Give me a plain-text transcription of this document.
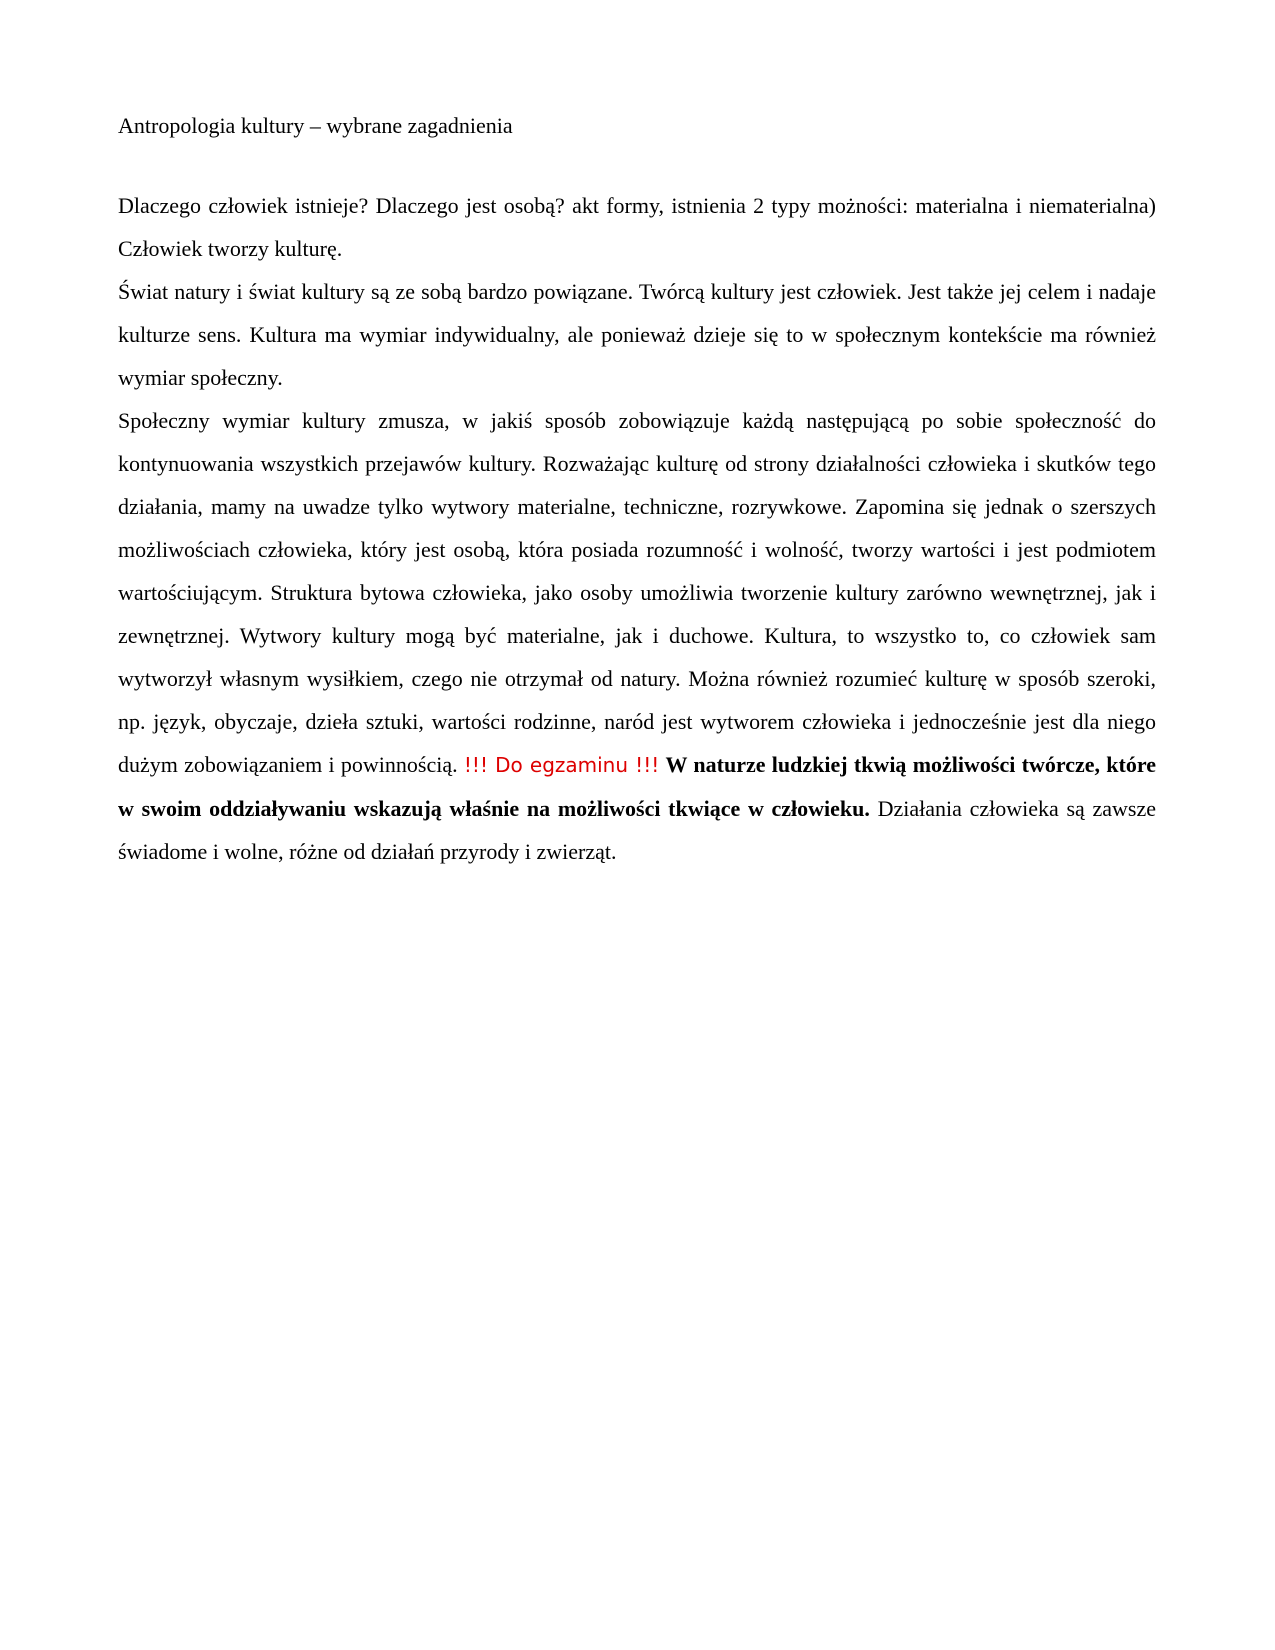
Antropologia kultury – wybrane zagadnienia

Dlaczego człowiek istnieje? Dlaczego jest osobą? akt formy, istnienia 2 typy możności: materialna i niematerialna) Człowiek tworzy kulturę.

Świat natury i świat kultury są ze sobą bardzo powiązane. Twórcą kultury jest człowiek. Jest także jej celem i nadaje kulturze sens. Kultura ma wymiar indywidualny, ale ponieważ dzieje się to w społecznym kontekście ma również wymiar społeczny.

Społeczny wymiar kultury zmusza, w jakiś sposób zobowiązuje każdą następującą po sobie społeczność do kontynuowania wszystkich przejawów kultury. Rozważając kulturę od strony działalności człowieka i skutków tego działania, mamy na uwadze tylko wytwory materialne, techniczne, rozrywkowe. Zapomina się jednak o szerszych możliwościach człowieka, który jest osobą, która posiada rozumność i wolność, tworzy wartości i jest podmiotem wartościującym. Struktura bytowa człowieka, jako osoby umożliwia tworzenie kultury zarówno wewnętrznej, jak i zewnętrznej. Wytwory kultury mogą być materialne, jak i duchowe. Kultura, to wszystko to, co człowiek sam wytworzył własnym wysiłkiem, czego nie otrzymał od natury. Można również rozumieć kulturę w sposób szeroki, np. język, obyczaje, dzieła sztuki, wartości rodzinne, naród jest wytworem człowieka i jednocześnie jest dla niego dużym zobowiązaniem i powinnością. !!! Do egzaminu !!! W naturze ludzkiej tkwią możliwości twórcze, które w swoim oddziaływaniu wskazują właśnie na możliwości tkwiące w człowieku. Działania człowieka są zawsze świadome i wolne, różne od działań przyrody i zwierząt.
